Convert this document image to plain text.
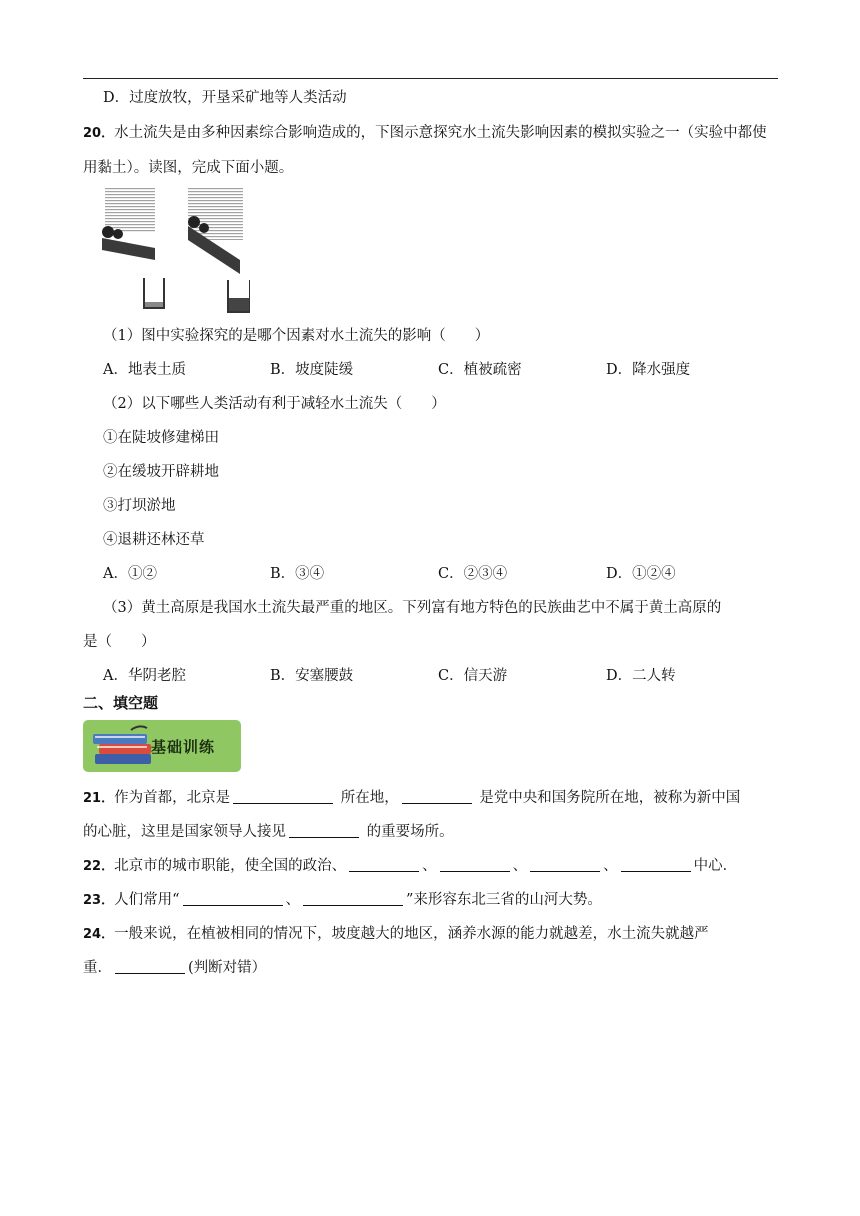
D．过度放牧，开垦采矿地等人类活动
20．水土流失是由多种因素综合影响造成的，下图示意探究水土流失影响因素的模拟实验之一（实验中都使用黏土）。读图，完成下面小题。
（1）图中实验探究的是哪个因素对水土流失的影响（　　）
A．地表土质	B．坡度陡缓	C．植被疏密	D．降水强度
（2）以下哪些人类活动有利于减轻水土流失（　　）
①在陡坡修建梯田
②在缓坡开辟耕地
③打坝淤地
④退耕还林还草
A．①②	B．③④	C．②③④	D．①②④
（3）黄土高原是我国水土流失最严重的地区。下列富有地方特色的民族曲艺中不属于黄土高原的
是（　　）
A．华阴老腔	B．安塞腰鼓	C．信天游	D．二人转
二、填空题
基础训练
21．作为首都，北京是	所在地，	是党中央和国务院所在地，被称为新中国
的心脏，这里是国家领导人接见	的重要场所。
22．北京市的城市职能，使全国的政治、	、	、	、	中心．
23．人们常用“	、	”来形容东北三省的山河大势。
24．一般来说，在植被相同的情况下，坡度越大的地区，涵养水源的能力就越差，水土流失就越严
重．	(判断对错）
